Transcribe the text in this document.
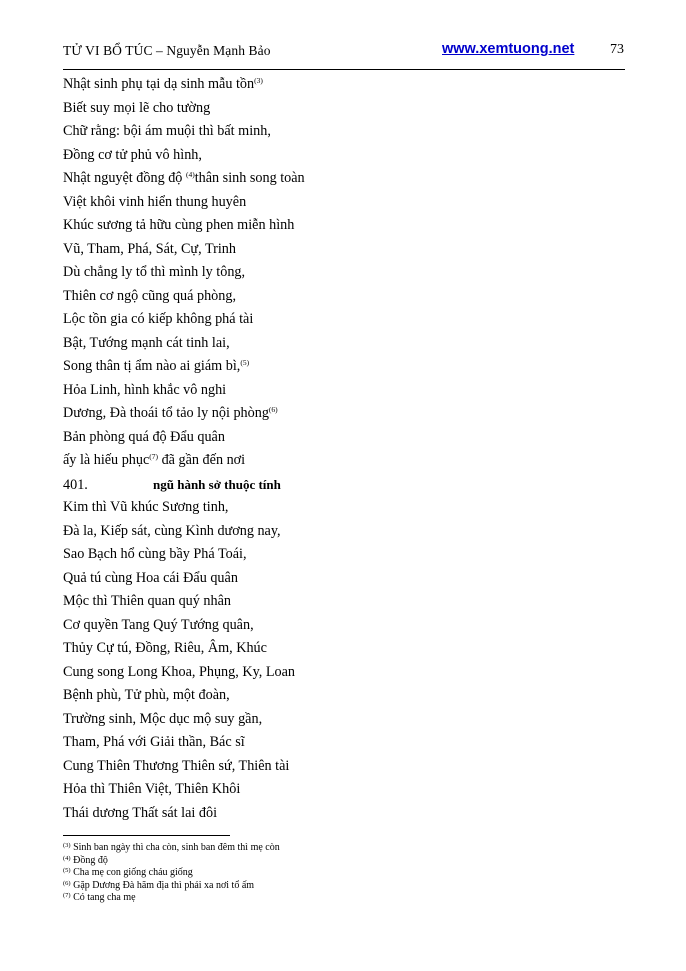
TỬ VI BỔ TÚC – Nguyễn Mạnh Bảo	www.xemtuong.net	73
Nhật sinh phụ tại dạ sinh mẫu tồn$^{(3)}$
Biết suy mọi lẽ cho tường
Chữ rằng: bội ám muội thì bất minh,
Đồng cơ tử phủ vô hình,
Nhật nguyệt đồng độ $^{(4)}$thân sinh song toàn
Việt khôi vinh hiển thung huyên
Khúc sương tả hữu cùng phen miễn hình
Vũ, Tham, Phá, Sát, Cự, Trinh
Dù chẳng ly tổ thì mình ly tông,
Thiên cơ ngộ cũng quá phòng,
Lộc tồn gia có kiếp không phá tài
Bật, Tướng mạnh cát tinh lai,
Song thân tị ẩm nào ai giám bì,$^{(5)}$
Hỏa Linh, hình khắc vô nghi
Dương, Đà thoái tổ tảo ly nội phòng$^{(6)}$
Bản phòng quá độ Đẩu quân
ấy là hiếu phục$^{(7)}$ đã gần đến nơi
401.	ngũ hành sở thuộc tính
Kim thì Vũ khúc Sương tinh,
Đà la, Kiếp sát, cùng Kình dương nay,
Sao Bạch hổ cùng bầy Phá Toái,
Quả tú cùng Hoa cái Đẩu quân
Mộc thì Thiên quan quý nhân
Cơ quyền Tang Quý Tướng quân,
Thủy Cự tú, Đồng, Riêu, Âm, Khúc
Cung song Long Khoa, Phụng, Ky, Loan
Bệnh phù, Tử phù, một đoàn,
Trường sinh, Mộc dục mộ suy gần,
Tham, Phá với Giải thần, Bác sĩ
Cung Thiên Thương Thiên sứ, Thiên tài
Hỏa thì Thiên Việt, Thiên Khôi
Thái dương Thất sát lai đôi
$^{(3)}$ Sinh ban ngày thì cha còn, sinh ban đêm thì mẹ còn
$^{(4)}$ Đồng độ
$^{(5)}$ Cha mẹ con giống cháu giống
$^{(6)}$ Gặp Dương Đà hãm địa thì phải xa nơi tổ ấm
$^{(7)}$ Có tang cha mẹ
